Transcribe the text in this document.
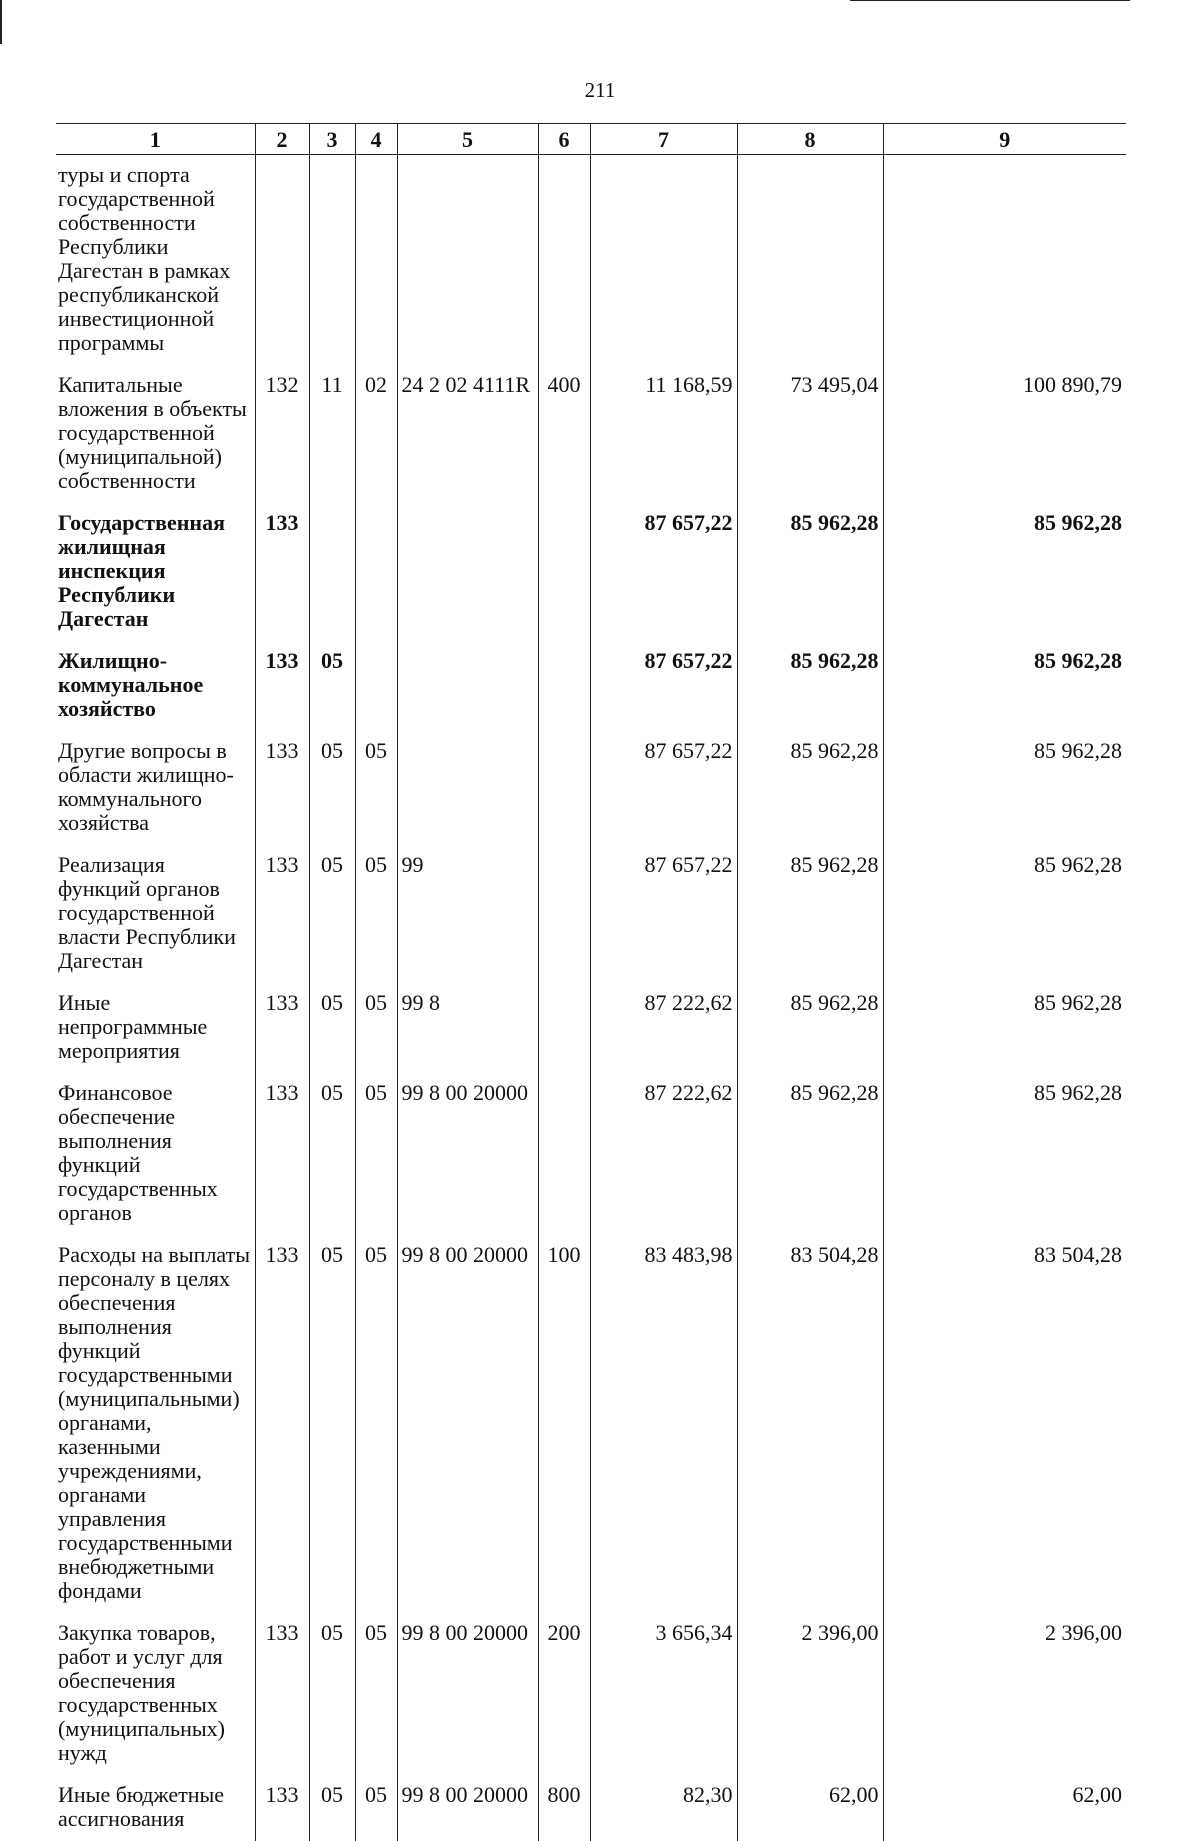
211
1	2	3	4	5	6	7	8	9
туры и спорта государственной собственности Республики Дагестан в рамках республиканской инвестиционной программы								
Капитальные вложения в объекты государственной (муниципальной) собственности	132	11	02	24 2 02 4111R	400	11 168,59	73 495,04	100 890,79
Государственная жилищная инспекция Республики Дагестан	133					87 657,22	85 962,28	85 962,28
Жилищно-коммунальное хозяйство	133	05				87 657,22	85 962,28	85 962,28
Другие вопросы в области жилищно-коммунального хозяйства	133	05	05			87 657,22	85 962,28	85 962,28
Реализация функций органов государственной власти Республики Дагестан	133	05	05	99		87 657,22	85 962,28	85 962,28
Иные непрограммные мероприятия	133	05	05	99 8		87 222,62	85 962,28	85 962,28
Финансовое обеспечение выполнения функций государственных органов	133	05	05	99 8 00 20000		87 222,62	85 962,28	85 962,28
Расходы на выплаты персоналу в целях обеспечения выполнения функций государственными (муниципальными) органами, казенными учреждениями, органами управления государственными внебюджетными фондами	133	05	05	99 8 00 20000	100	83 483,98	83 504,28	83 504,28
Закупка товаров, работ и услуг для обеспечения государственных (муниципальных) нужд	133	05	05	99 8 00 20000	200	3 656,34	2 396,00	2 396,00
Иные бюджетные ассигнования	133	05	05	99 8 00 20000	800	82,30	62,00	62,00
